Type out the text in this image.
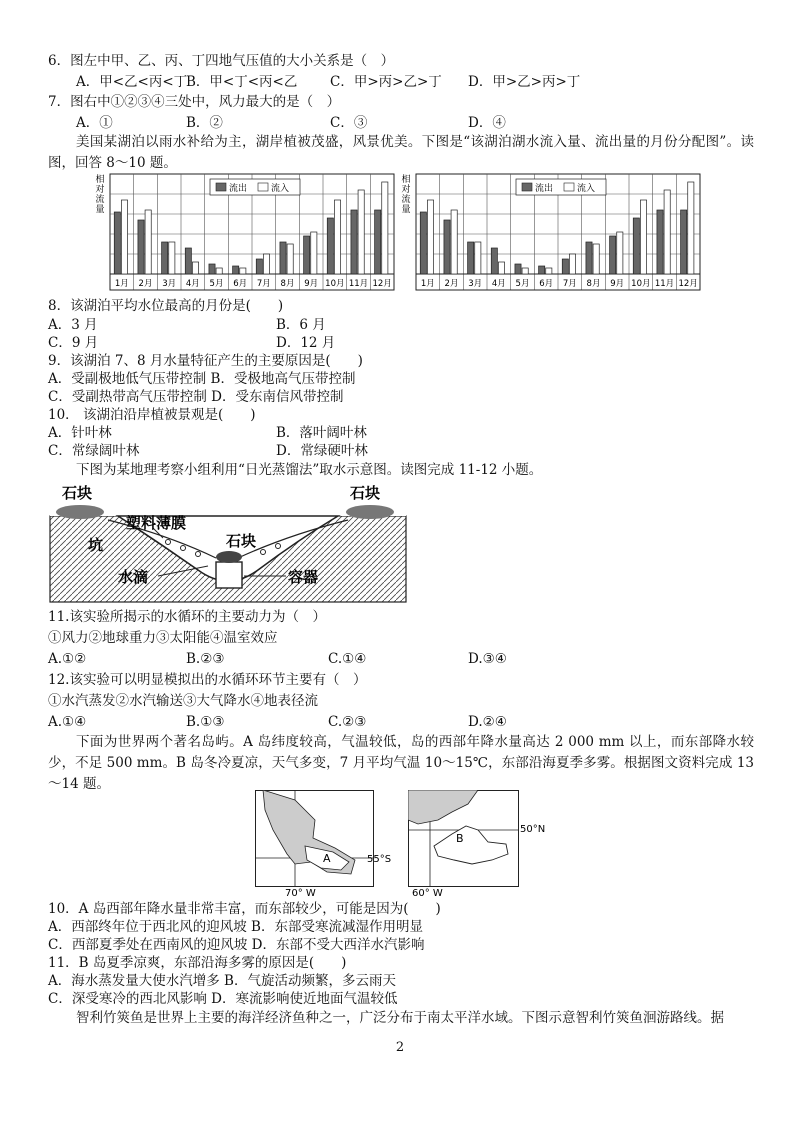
6．图左中甲、乙、丙、丁四地气压值的大小关系是（　）
A．甲<乙<丙<丁
B．甲<丁<丙<乙 C．甲>丙>乙>丁 D．甲>乙>丙>丁
7．图右中①②③④三处中，风力最大的是（　）
A．①	B．②	C．③	D．④
美国某湖泊以雨水补给为主，湖岸植被茂盛，风景优美。下图是“该湖泊湖水流入量、流出量的月份分配图”。读图，回答 8～10 题。
相对流量
1月 2月 3月 4月 5月 6月 7月 8月 9月 10月 11月 12月
流出	流入
相对流量
1月 2月 3月 4月 5月 6月 7月 8月 9月 10月 11月 12月
流出	流入
8．该湖泊平均水位最高的月份是(　　)
A．3 月	B．6 月
C．9 月	D．12 月
9．该湖泊 7、8 月水量特征产生的主要原因是(　　)
A．受副极地低气压带控制 B．受极地高气压带控制
C．受副热带高气压带控制 D．受东南信风带控制
10． 该湖泊沿岸植被景观是(　　)
A．针叶林	B．落叶阔叶林
C．常绿阔叶林	D．常绿硬叶林
下图为某地理考察小组利用“日光蒸馏法”取水示意图。读图完成 11-12 小题。
石块	石块
塑料薄膜
石块
坑
水滴	容器
11.该实验所揭示的水循环的主要动力为（　）
①风力②地球重力③太阳能④温室效应
A.①②	B.②③	C.①④	D.③④
12.该实验可以明显模拟出的水循环环节主要有（　）
①水汽蒸发②水汽输送③大气降水④地表径流
A.①④	B.①③	C.②③	D.②④
下面为世界两个著名岛屿。A 岛纬度较高，气温较低，岛的西部年降水量高达 2 000 mm 以上，而东部降水较少，不足 500 mm。B 岛冬冷夏凉，天气多变，7 月平均气温 10～15℃，东部沿海夏季多雾。根据图文资料完成 13～14 题。
A	55°S
70° W
B
50°N
60° W
10．A 岛西部年降水量非常丰富，而东部较少，可能是因为(　　)
A．西部终年位于西北风的迎风坡 B．东部受寒流减湿作用明显
C．西部夏季处在西南风的迎风坡 D．东部不受大西洋水汽影响
11．B 岛夏季凉爽，东部沿海多雾的原因是(　　)
A．海水蒸发量大使水汽增多 B．气旋活动频繁，多云雨天
C．深受寒冷的西北风影响 D．寒流影响使近地面气温较低
智利竹筴鱼是世界上主要的海洋经济鱼种之一，广泛分布于南太平洋水域。下图示意智利竹筴鱼洄游路线。据
2
